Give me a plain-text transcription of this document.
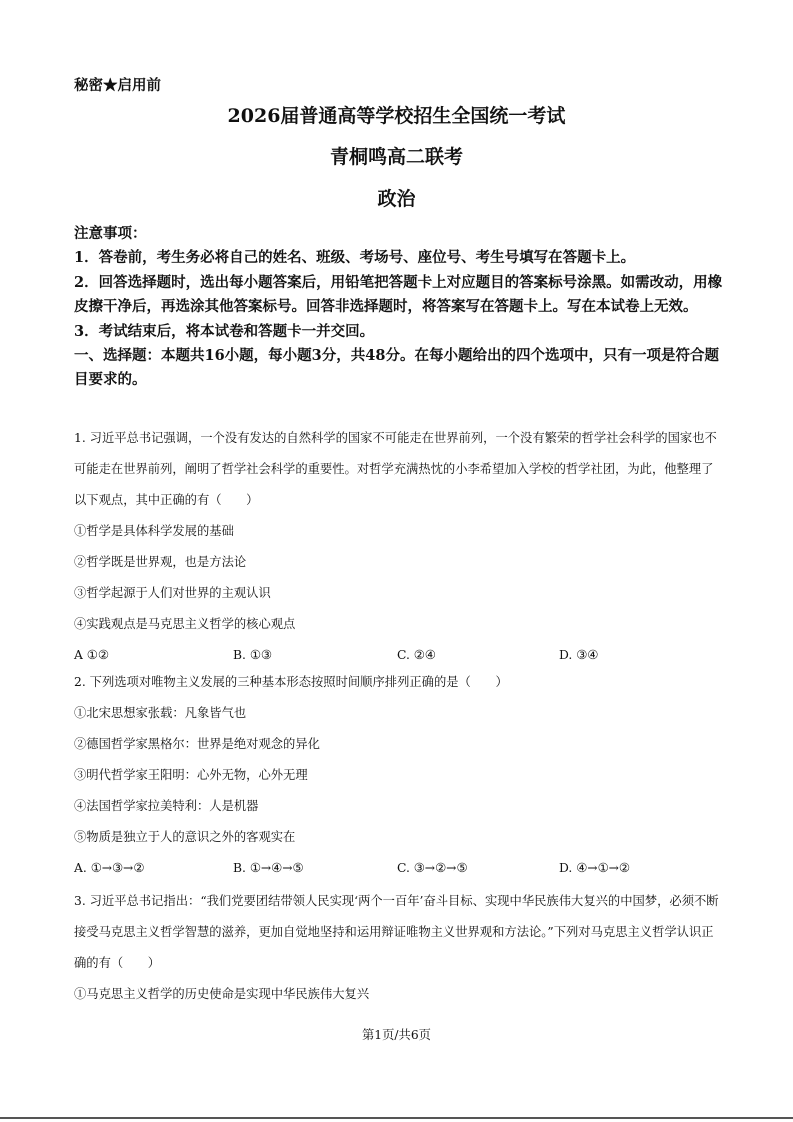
秘密★启用前
2026届普通高等学校招生全国统一考试
青桐鸣高二联考
政治

注意事项：

1．答卷前，考生务必将自己的姓名、班级、考场号、座位号、考生号填写在答题卡上。

2．回答选择题时，选出每小题答案后，用铅笔把答题卡上对应题目的答案标号涂黑。如需改动，用橡皮擦干净后，再选涂其他答案标号。回答非选择题时，将答案写在答题卡上。写在本试卷上无效。

3．考试结束后，将本试卷和答题卡一并交回。

一、选择题：本题共16小题，每小题3分，共48分。在每小题给出的四个选项中，只有一项是符合题目要求的。

1. 习近平总书记强调，一个没有发达的自然科学的国家不可能走在世界前列，一个没有繁荣的哲学社会科学的国家也不可能走在世界前列，阐明了哲学社会科学的重要性。对哲学充满热忱的小李希望加入学校的哲学社团，为此，他整理了以下观点，其中正确的有（　　）

①哲学是具体科学发展的基础

②哲学既是世界观，也是方法论

③哲学起源于人们对世界的主观认识

④实践观点是马克思主义哲学的核心观点

A ①②	B. ①③	C. ②④	D. ③④

2. 下列选项对唯物主义发展的三种基本形态按照时间顺序排列正确的是（　　）

①北宋思想家张载：凡象皆气也

②德国哲学家黑格尔：世界是绝对观念的异化

③明代哲学家王阳明：心外无物，心外无理

④法国哲学家拉美特利：人是机器

⑤物质是独立于人的意识之外的客观实在

A. ①→③→②	B. ①→④→⑤	C. ③→②→⑤	D. ④→①→②

3. 习近平总书记指出：“我们党要团结带领人民实现‘两个一百年’奋斗目标、实现中华民族伟大复兴的中国梦，必须不断接受马克思主义哲学智慧的滋养，更加自觉地坚持和运用辩证唯物主义世界观和方法论。”下列对马克思主义哲学认识正确的有（　　）

①马克思主义哲学的历史使命是实现中华民族伟大复兴

第1页/共6页
